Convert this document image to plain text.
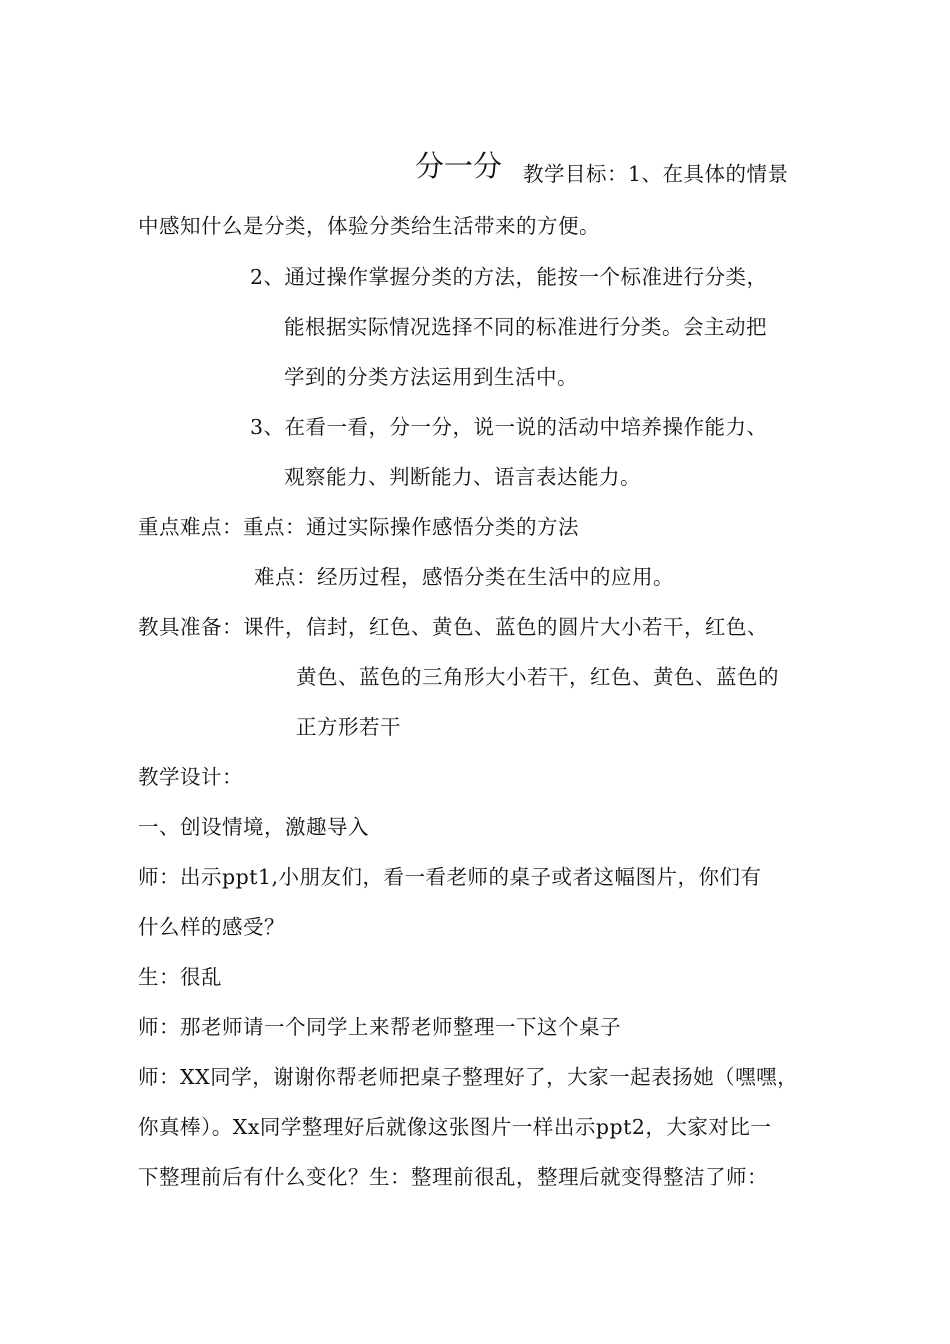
分一分 教学目标：1、在具体的情景
中感知什么是分类，体验分类给生活带来的方便。
2、通过操作掌握分类的方法，能按一个标准进行分类，
能根据实际情况选择不同的标准进行分类。会主动把
学到的分类方法运用到生活中。
3、在看一看，分一分，说一说的活动中培养操作能力、
观察能力、判断能力、语言表达能力。
重点难点：重点：通过实际操作感悟分类的方法
难点：经历过程，感悟分类在生活中的应用。
教具准备：课件，信封，红色、黄色、蓝色的圆片大小若干，红色、
黄色、蓝色的三角形大小若干，红色、黄色、蓝色的
正方形若干
教学设计：
一、创设情境，激趣导入
师：出示ppt1,小朋友们，看一看老师的桌子或者这幅图片，你们有
什么样的感受？
生：很乱
师：那老师请一个同学上来帮老师整理一下这个桌子
师：XX同学，谢谢你帮老师把桌子整理好了，大家一起表扬她（嘿嘿，
你真棒）。Xx同学整理好后就像这张图片一样出示ppt2，大家对比一
下整理前后有什么变化？生：整理前很乱，整理后就变得整洁了师：
